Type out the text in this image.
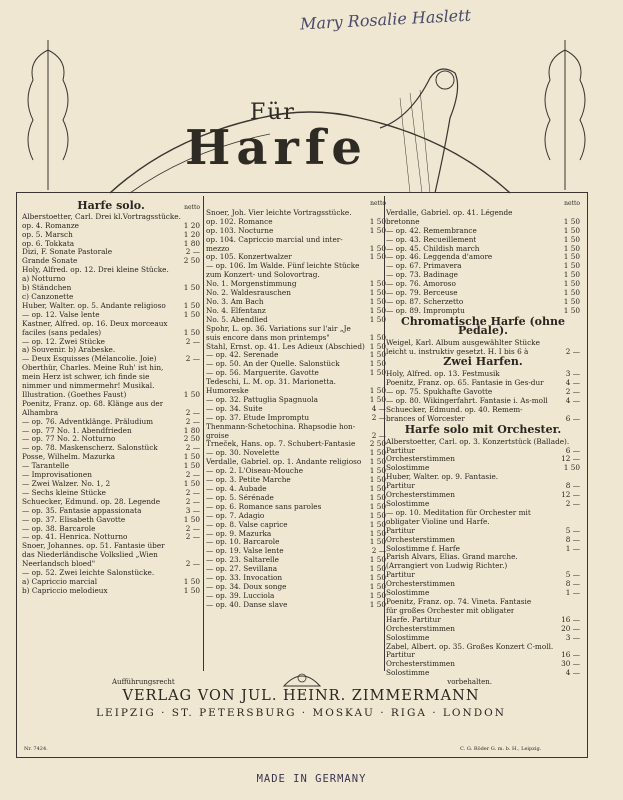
Mary Rosalie Haslett
Für
Harfe
Harfe solo.	netto
Alberstoetter, Carl. Drei kl.Vortragsstücke.
op. 4. Romanze	1 20
op. 5. Marsch	1 20
op. 6. Tokkata	1 80
Dizi, F. Sonate Pastorale	2 —
Grande Sonate	2 50
Holy, Alfred. op. 12. Drei kleine Stücke.
a) Notturno
b) Ständchen	1 50
c) Canzonette
Huber, Walter. op. 5. Andante religioso	1 50
— op. 12. Valse lente	1 50
Kastner, Alfred. op. 16. Deux morceaux
faciles (sans pedales)	1 50
— op. 12. Zwei Stücke	2 —
a) Souvenir. b) Arabeske.
— Deux Esquisses (Mélancolie. Joie)	2 —
Oberthür, Charles. Meine Ruh' ist hin,
mein Herz ist schwer, ich finde sie
nimmer und nimmermehr! Musikal.
Illustration. (Goethes Faust)	1 50
Poenitz, Franz. op. 68. Klänge aus der
Alhambra	2 —
— op. 76. Adventklänge. Präludium	2 —
— op. 77 No. 1. Abendfrieden	1 80
— op. 77 No. 2. Notturno	2 50
— op. 78. Maskenscherz. Salonstück	2 —
Posse, Wilhelm. Mazurka	1 50
— Tarantelle	1 50
— Improvisationen	2 —
— Zwei Walzer. No. 1, 2	1 50
— Sechs kleine Stücke	2 —
Schuecker, Edmund. op. 28. Legende	2 —
— op. 35. Fantasie appassionata	3 —
— op. 37. Elisabeth Gavotte	1 50
— op. 38. Barcarole	2 —
— op. 41. Henrica. Notturno	2 —
Snoer, Johannes. op. 51. Fantasie über
das Niederländische Volkslied „Wien
Neerlandsch bloed"	2 —
— op. 52. Zwei leichte Salonstücke.
a) Capriccio marcial	1 50
b) Capriccio melodieux	1 50
netto
Snoer, Joh. Vier leichte Vortragsstücke.
op. 102. Romance	1 50
op. 103. Nocturne	1 50
op. 104. Capriccio marcial und inter-
mezzo	1 50
op. 105. Konzertwalzer	1 50
— op. 106. Im Walde. Fünf leichte Stücke
zum Konzert- und Solovortrag.
No. 1. Morgenstimmung	1 50
No. 2. Waldesrauschen	1 50
No. 3. Am Bach	1 50
No. 4. Elfentanz	1 50
No. 5. Abendlied	1 50
Spohr, L. op. 36. Variations sur l'air „Je
suis encore dans mon printemps"	1 50
Stahl, Ernst. op. 41. Les Adieux (Abschied) 1 50
— op. 42. Serenade	1 50
— op. 50. An der Quelle. Salonstück	1 50
— op. 56. Marguerite. Gavotte	1 50
Tedeschi, L. M. op. 31. Marionetta.
Humoreske	1 50
— op. 32. Pattuglia Spagnuola	1 50
— op. 34. Suite	4 —
— op. 37. Etude Impromptu	2 —
Thenmann-Schetochina. Rhapsodie hon-
groise	2 —
Trneček, Hans. op. 7. Schubert-Fantasie	2 50
— op. 30. Novelette	1 50
Verdalle, Gabriel. op. 1. Andante religioso	1 50
— op. 2. L'Oiseau-Mouche	1 50
— op. 3. Petite Marche	1 50
— op. 4. Aubade	1 50
— op. 5. Sérénade	1 50
— op. 6. Romance sans paroles	1 50
— op. 7. Adagio	1 50
— op. 8. Valse caprice	1 50
— op. 9. Mazurka	1 50
— op. 10. Barcarole	1 50
— op. 19. Valse lente	2 —
— op. 23. Saltarelle	1 50
— op. 27. Sevillana	1 50
— op. 33. Invocation	1 50
— op. 34. Doux songe	1 50
— op. 39. Lucciola	1 50
— op. 40. Danse slave	1 50
netto
Verdalle, Gabriel. op. 41. Légende
bretonne	1 50
— op. 42. Remembrance	1 50
— op. 43. Recueillement	1 50
— op. 45. Childish march	1 50
— op. 46. Leggenda d'amore	1 50
— op. 67. Primavera	1 50
— op. 73. Badinage	1 50
— op. 76. Amoroso	1 50
— op. 79. Berceuse	1 50
— op. 87. Scherzetto	1 50
— op. 89. Impromptu	1 50
Chromatische Harfe (ohne Pedale).
Weigel, Karl. Album ausgewählter Stücke
leicht u. instruktiv gesetzt. H. I bis 6 à	2 —
Zwei Harfen.
Holy, Alfred. op. 13. Festmusik	3 —
Poenitz, Franz. op. 65. Fantasie in Ges-dur	4 —
— op. 75. Spukhafte Gavotte	2 —
— op. 80. Wikingerfahrt. Fantasie i. As-moll	4 —
Schuecker, Edmund. op. 40. Remem-
brances of Worcester	6 —
Harfe solo mit Orchester.
Alberstoetter, Carl. op. 3. Konzertstück (Ballade).
Partitur	6 —
Orchesterstimmen	12 —
Solostimme	1 50
Huber, Walter. op. 9. Fantasie.
Partitur	8 —
Orchesterstimmen	12 —
Solostimme	2 —
— op. 10. Meditation für Orchester mit
obligater Violine und Harfe.
Partitur	5 —
Orchesterstimmen	8 —
Solostimme f. Harfe	1 —
Parish Alvars, Elias. Grand marche.
(Arrangiert von Ludwig Richter.)
Partitur	5 —
Orchesterstimmen	8 —
Solostimme	1 —
Poenitz, Franz. op. 74. Vineta. Fantasie
für großes Orchester mit obligater
Harfe. Partitur	16 —
Orchesterstimmen	20 —
Solostimme	3 —
Zabel, Albert. op. 35. Großes Konzert C-moll.
Partitur	16 —
Orchesterstimmen	30 —
Solostimme	4 —
Aufführungsrecht	vorbehalten.
VERLAG VON JUL. HEINR. ZIMMERMANN
LEIPZIG · ST. PETERSBURG · MOSKAU · RIGA · LONDON
Nr. 7424.	C. G. Röder G. m. b. H., Leipzig.
MADE IN GERMANY
